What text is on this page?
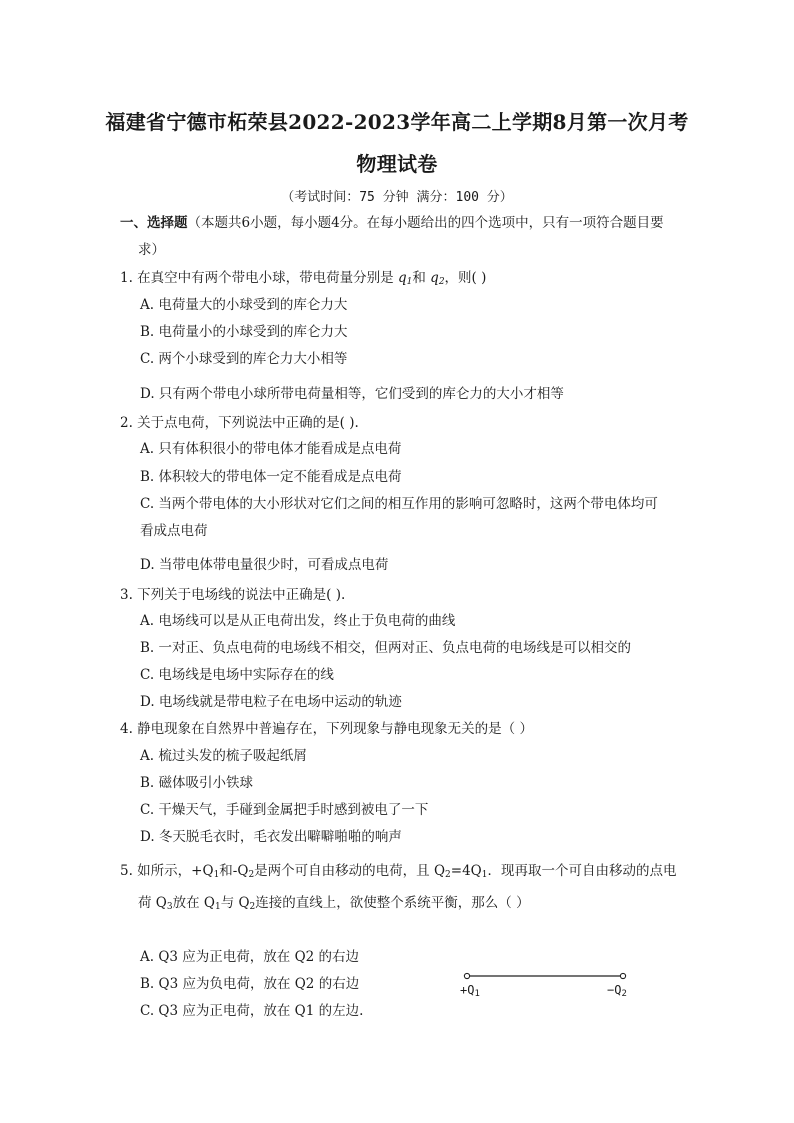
福建省宁德市柘荣县2022-2023学年高二上学期8月第一次月考
物理试卷
（考试时间：75 分钟 满分：100 分）
一、选择题（本题共6小题，每小题4分。在每小题给出的四个选项中，只有一项符合题目要
求）
1. 在真空中有两个带电小球，带电荷量分别是 $q_1$和 $q_2$，则( )
A. 电荷量大的小球受到的库仑力大
B. 电荷量小的小球受到的库仑力大
C. 两个小球受到的库仑力大小相等
D. 只有两个带电小球所带电荷量相等，它们受到的库仑力的大小才相等
2. 关于点电荷，下列说法中正确的是( ).
A. 只有体积很小的带电体才能看成是点电荷
B. 体积较大的带电体一定不能看成是点电荷
C. 当两个带电体的大小形状对它们之间的相互作用的影响可忽略时，这两个带电体均可
看成点电荷
D. 当带电体带电量很少时，可看成点电荷
3. 下列关于电场线的说法中正确是( ).
A. 电场线可以是从正电荷出发，终止于负电荷的曲线
B. 一对正、负点电荷的电场线不相交，但两对正、负点电荷的电场线是可以相交的
C. 电场线是电场中实际存在的线
D. 电场线就是带电粒子在电场中运动的轨迹
4. 静电现象在自然界中普遍存在，下列现象与静电现象无关的是（ ）
A. 梳过头发的梳子吸起纸屑
B. 磁体吸引小铁球
C. 干燥天气，手碰到金属把手时感到被电了一下
D. 冬天脱毛衣时，毛衣发出噼噼啪啪的响声
5. 如所示，$+Q_1$和$-Q_2$是两个可自由移动的电荷，且 $Q_2=4Q_1$．现再取一个可自由移动的点电
荷 $Q_3$放在 $Q_1$与 $Q_2$连接的直线上，欲使整个系统平衡，那么（ ）
A. Q3 应为正电荷，放在 Q2 的右边
B. Q3 应为负电荷，放在 Q2 的右边
C. Q3 应为正电荷，放在 Q1 的左边.
$+Q_1$	$-Q_2$
